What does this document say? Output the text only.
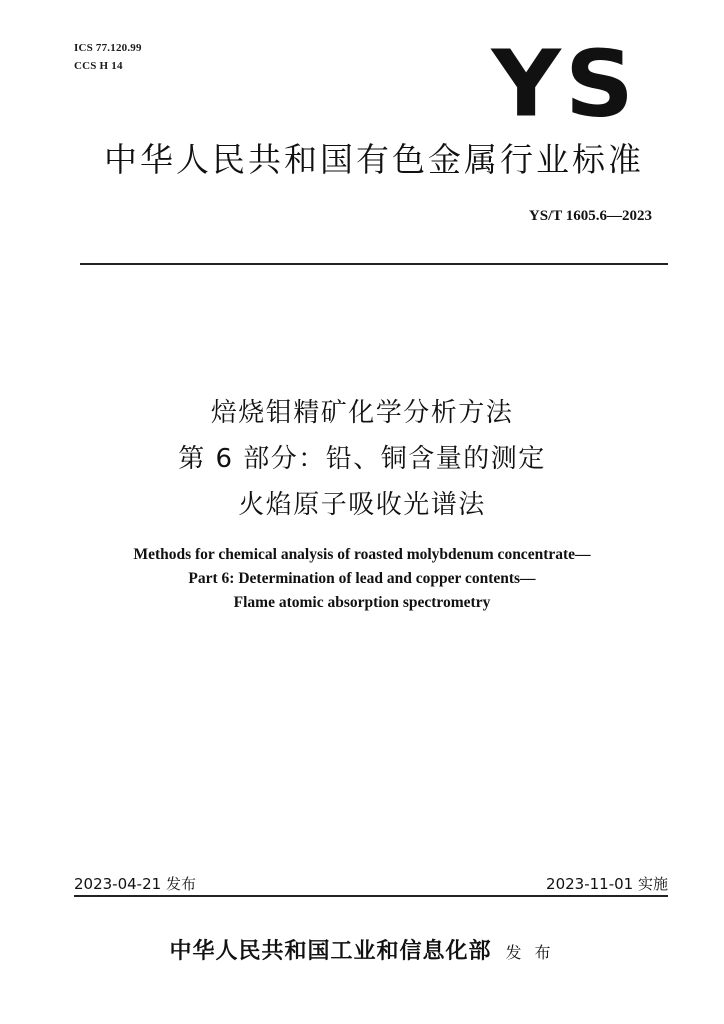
ICS 77.120.99
CCS H 14	YS
中华人民共和国有色金属行业标准
YS/T 1605.6—2023
焙烧钼精矿化学分析方法
第 6 部分：铅、铜含量的测定
火焰原子吸收光谱法
Methods for chemical analysis of roasted molybdenum concentrate—
Part 6: Determination of lead and copper contents—
Flame atomic absorption spectrometry
2023-04-21 发布	2023-11-01 实施
中华人民共和国工业和信息化部 发 布
